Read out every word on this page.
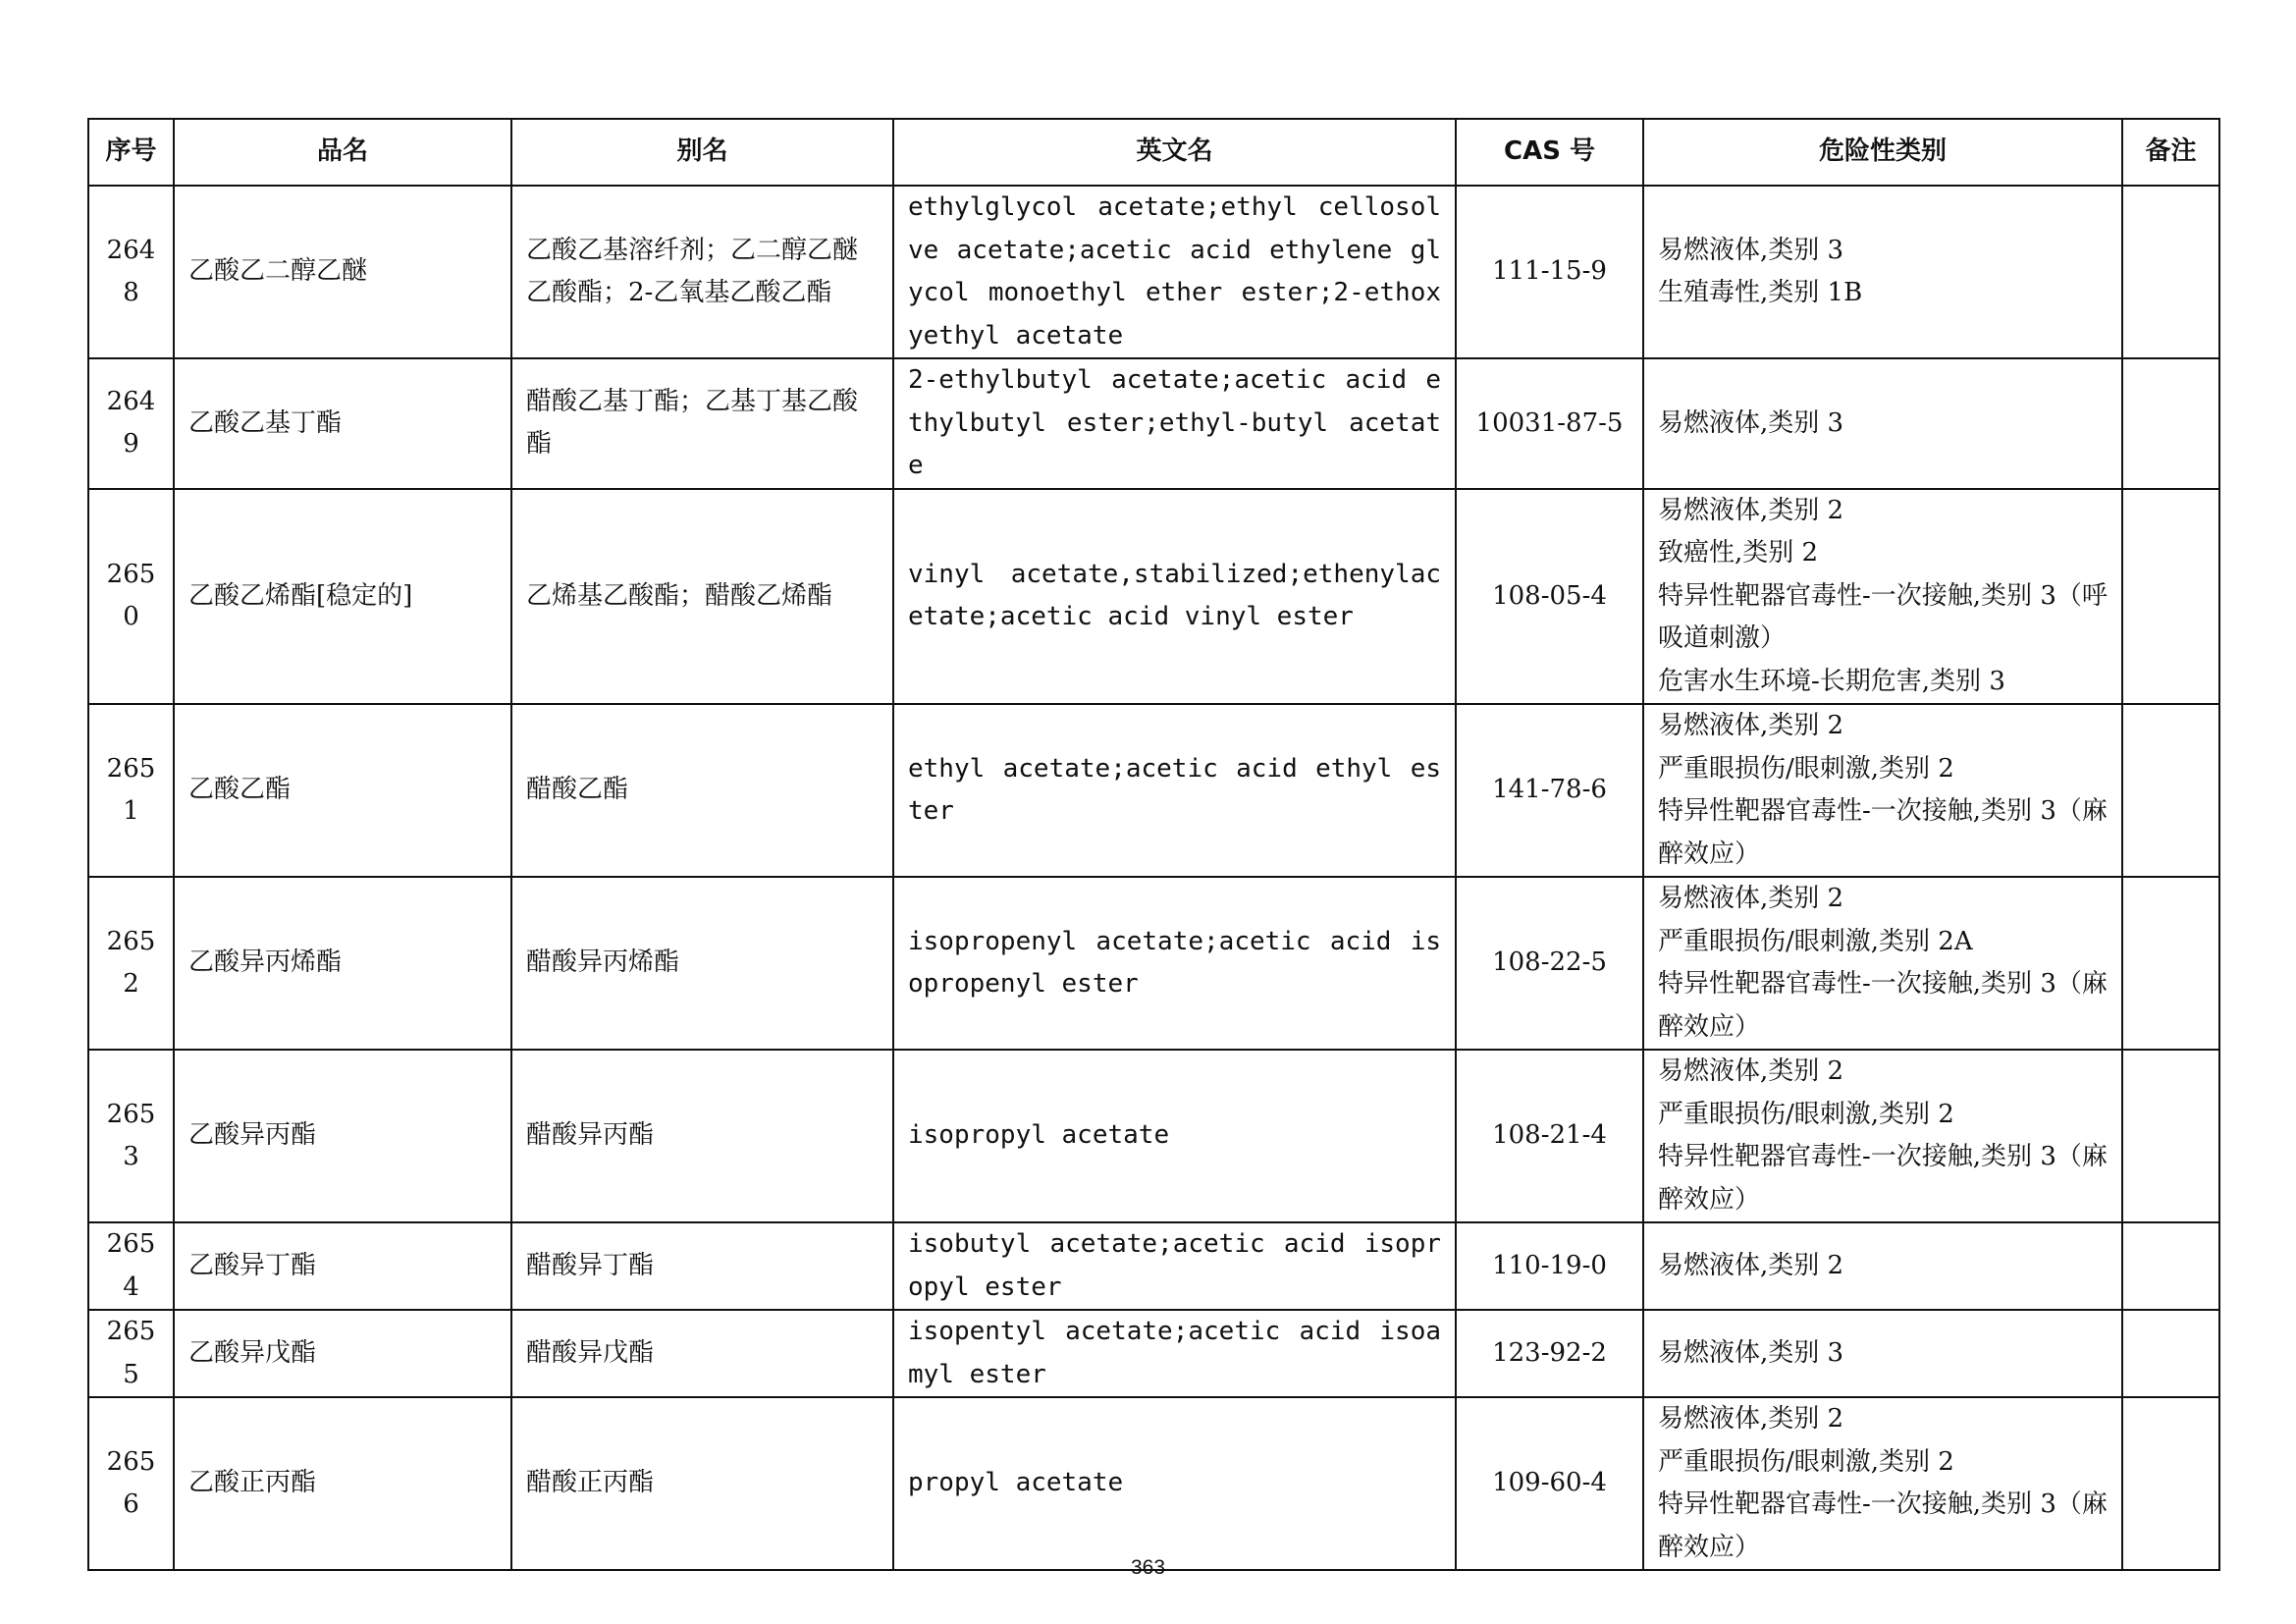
序号	品名	别名	英文名	CAS 号	危险性类别	备注
2648	乙酸乙二醇乙醚	乙酸乙基溶纤剂；乙二醇乙醚乙酸酯；2-乙氧基乙酸乙酯	ethylglycol acetate;ethyl cellosolve acetate;acetic acid ethylene glycol monoethyl ether ester;2-ethoxyethyl acetate	111-15-9	易燃液体,类别 3
生殖毒性,类别 1B	

2649	乙酸乙基丁酯	醋酸乙基丁酯；乙基丁基乙酸酯	2-ethylbutyl acetate;acetic acid ethylbutyl ester;ethyl-butyl acetate	10031-87-5	易燃液体,类别 3	

2650	乙酸乙烯酯[稳定的]	乙烯基乙酸酯；醋酸乙烯酯	vinyl acetate,stabilized;ethenylacetate;acetic acid vinyl ester	108-05-4	易燃液体,类别 2
致癌性,类别 2
特异性靶器官毒性-一次接触,类别 3（呼吸道刺激）
危害水生环境-长期危害,类别 3	

2651	乙酸乙酯	醋酸乙酯	ethyl acetate;acetic acid ethyl ester	141-78-6	易燃液体,类别 2
严重眼损伤/眼刺激,类别 2
特异性靶器官毒性-一次接触,类别 3（麻醉效应）	

2652	乙酸异丙烯酯	醋酸异丙烯酯	isopropenyl acetate;acetic acid isopropenyl ester	108-22-5	易燃液体,类别 2
严重眼损伤/眼刺激,类别 2A
特异性靶器官毒性-一次接触,类别 3（麻醉效应）	

2653	乙酸异丙酯	醋酸异丙酯	isopropyl acetate	108-21-4	易燃液体,类别 2
严重眼损伤/眼刺激,类别 2
特异性靶器官毒性-一次接触,类别 3（麻醉效应）	

2654	乙酸异丁酯	醋酸异丁酯	isobutyl acetate;acetic acid isopropyl ester	110-19-0	易燃液体,类别 2	

2655	乙酸异戊酯	醋酸异戊酯	isopentyl acetate;acetic acid isoamyl ester	123-92-2	易燃液体,类别 3	

2656	乙酸正丙酯	醋酸正丙酯	propyl acetate	109-60-4	易燃液体,类别 2
严重眼损伤/眼刺激,类别 2
特异性靶器官毒性-一次接触,类别 3（麻醉效应）	

363
